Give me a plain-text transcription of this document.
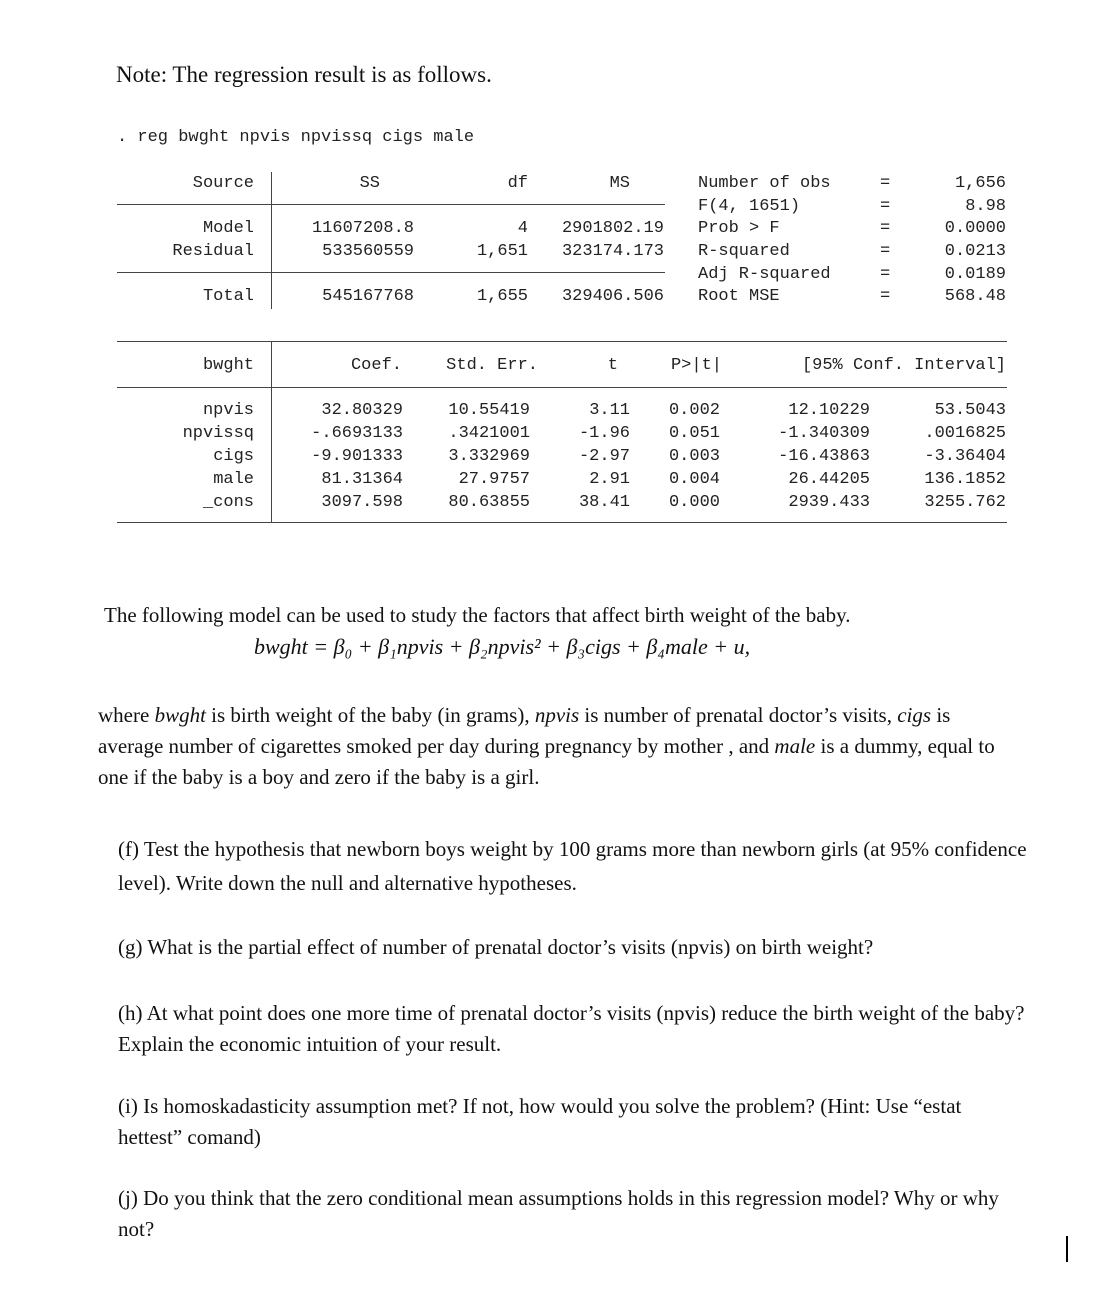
Note: The regression result is as follows.
. reg bwght npvis npvissq cigs male
Source	SS	df	MS
Model	11607208.8	4	2901802.19
Residual	533560559	1,651	323174.173
Total	545167768	1,655	329406.506
Number of obs	=	1,656
F(4, 1651)	=	8.98
Prob > F	=	0.0000
R-squared	=	0.0213
Adj R-squared	=	0.0189
Root MSE	=	568.48
bwght	Coef.	Std. Err.	t	P>|t|	[95% Conf. Interval]
npvis	32.80329	10.55419	3.11	0.002	12.10229	53.5043
npvissq	-.6693133	.3421001	-1.96	0.051	-1.340309	.0016825
cigs	-9.901333	3.332969	-2.97	0.003	-16.43863	-3.36404
male	81.31364	27.9757	2.91	0.004	26.44205	136.1852
_cons	3097.598	80.63855	38.41	0.000	2939.433	3255.762
The following model can be used to study the factors that affect birth weight of the baby.
bwght = β₀ + β₁npvis + β₂npvis² + β₃cigs + β₄male + u,
where bwght is birth weight of the baby (in grams), npvis is number of prenatal doctor’s visits, cigs is average number of cigarettes smoked per day during pregnancy by mother , and male is a dummy, equal to one if the baby is a boy and zero if the baby is a girl.
(f) Test the hypothesis that newborn boys weight by 100 grams more than newborn girls (at 95% confidence level). Write down the null and alternative hypotheses.
(g) What is the partial effect of number of prenatal doctor’s visits (npvis) on birth weight?
(h) At what point does one more time of prenatal doctor’s visits (npvis) reduce the birth weight of the baby? Explain the economic intuition of your result.
(i) Is homoskadasticity assumption met? If not, how would you solve the problem? (Hint: Use “estat hettest” comand)
(j) Do you think that the zero conditional mean assumptions holds in this regression model? Why or why not?
